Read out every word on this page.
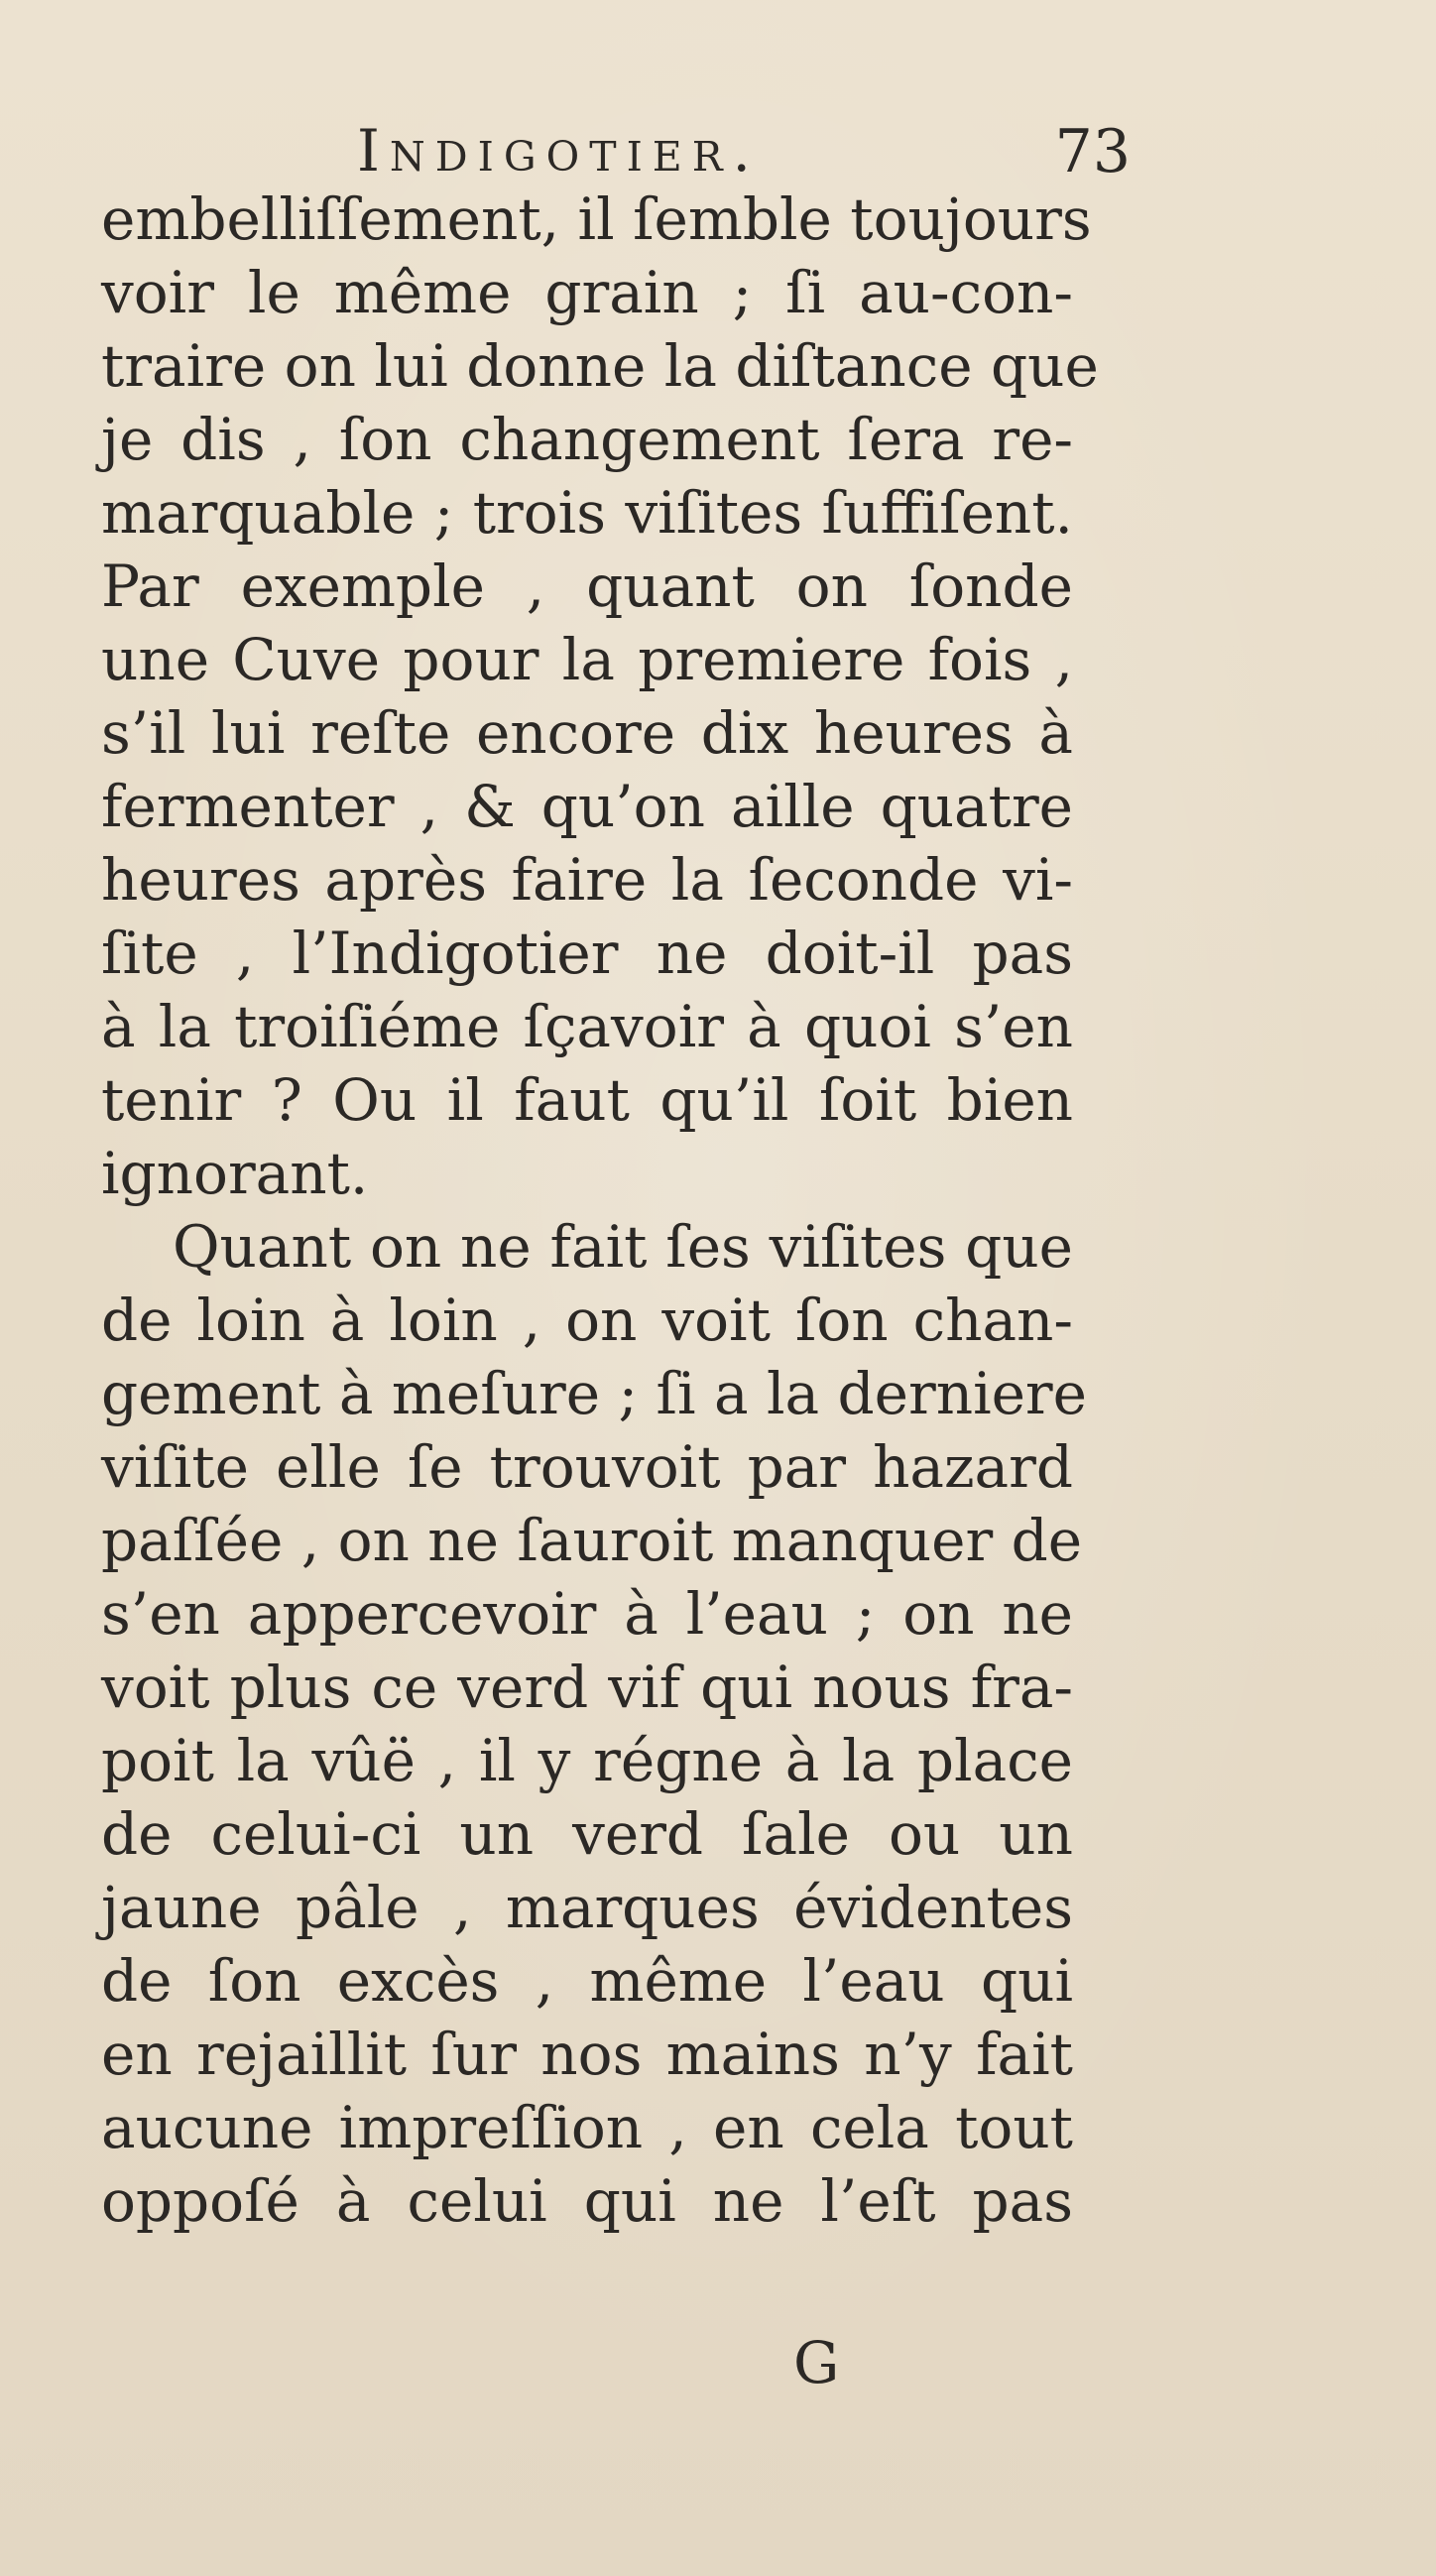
Indigotier.	73
embelliſſement, il ſemble toujours
voir le même grain ; ſi au-con-
traire on lui donne la diſtance que
je dis , ſon changement ſera re-
marquable ; trois viſites ſuffiſent.
Par exemple , quant on ſonde
une Cuve pour la premiere fois ,
s’il lui reſte encore dix heures à
fermenter , & qu’on aille quatre
heures après faire la ſeconde vi-
ſite , l’Indigotier ne doit-il pas
à la troiſiéme ſçavoir à quoi s’en
tenir ? Ou il faut qu’il ſoit bien
ignorant.
Quant on ne fait ſes viſites que
de loin à loin , on voit ſon chan-
gement à meſure ; ſi a la derniere
viſite elle ſe trouvoit par hazard
paſſée , on ne ſauroit manquer de
s’en appercevoir à l’eau ; on ne
voit plus ce verd vif qui nous fra-
poit la vûë , il y régne à la place
de celui-ci un verd ſale ou un
jaune pâle , marques évidentes
de ſon excès , même l’eau qui
en rejaillit ſur nos mains n’y fait
aucune impreſſion , en cela tout
oppoſé à celui qui ne l’eſt pas
G
